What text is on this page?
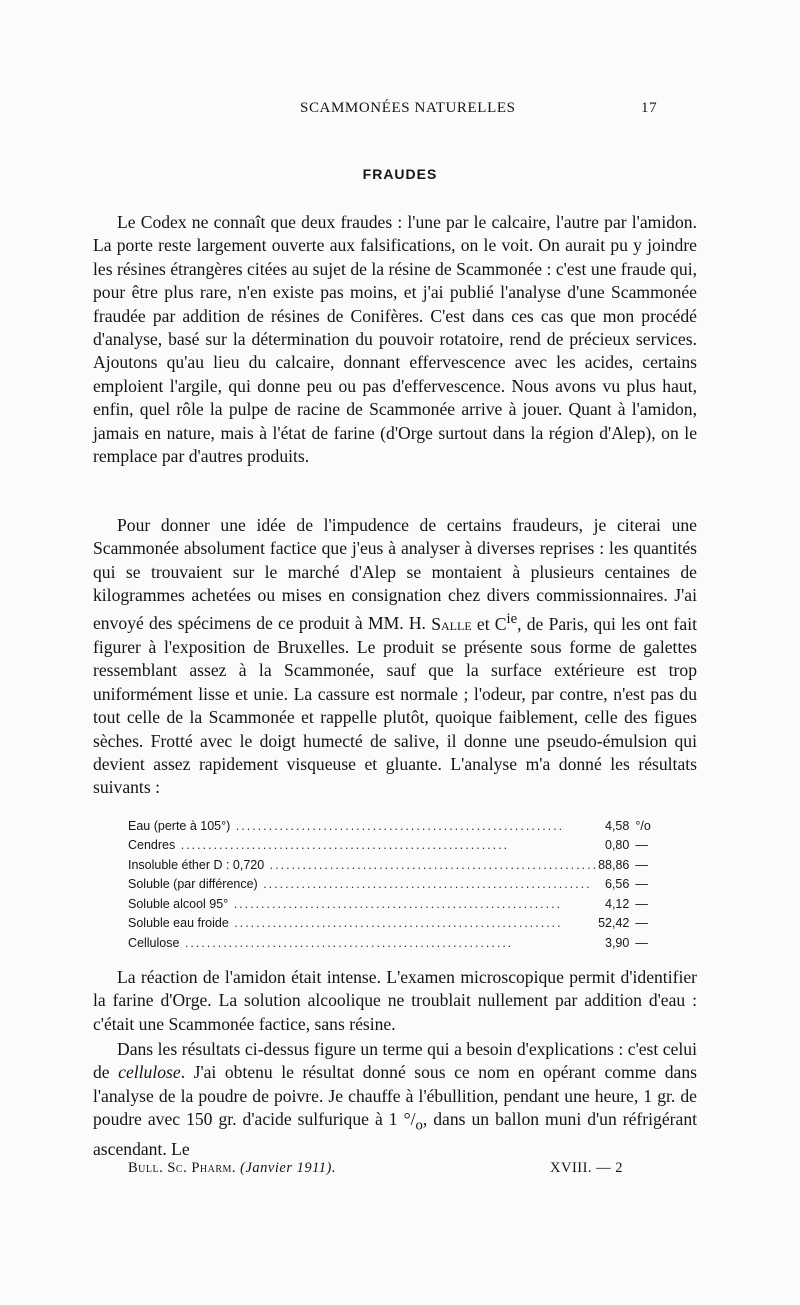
SCAMMONÉES NATURELLES	17
FRAUDES

Le Codex ne connaît que deux fraudes : l'une par le calcaire, l'autre par l'amidon. La porte reste largement ouverte aux falsifications, on le voit. On aurait pu y joindre les résines étrangères citées au sujet de la résine de Scammonée : c'est une fraude qui, pour être plus rare, n'en existe pas moins, et j'ai publié l'analyse d'une Scammonée fraudée par addition de résines de Conifères. C'est dans ces cas que mon procédé d'analyse, basé sur la détermination du pouvoir rotatoire, rend de précieux services. Ajoutons qu'au lieu du calcaire, donnant effervescence avec les acides, certains emploient l'argile, qui donne peu ou pas d'effervescence. Nous avons vu plus haut, enfin, quel rôle la pulpe de racine de Scammonée arrive à jouer. Quant à l'amidon, jamais en nature, mais à l'état de farine (d'Orge surtout dans la région d'Alep), on le remplace par d'autres produits.

Pour donner une idée de l'impudence de certains fraudeurs, je citerai une Scammonée absolument factice que j'eus à analyser à diverses reprises : les quantités qui se trouvaient sur le marché d'Alep se montaient à plusieurs centaines de kilogrammes achetées ou mises en consignation chez divers commissionnaires. J'ai envoyé des spécimens de ce produit à MM. H. Salle et $C^{ie}$, de Paris, qui les ont fait figurer à l'exposition de Bruxelles. Le produit se présente sous forme de galettes ressemblant assez à la Scammonée, sauf que la surface extérieure est trop uniformément lisse et unie. La cassure est normale ; l'odeur, par contre, n'est pas du tout celle de la Scammonée et rappelle plutôt, quoique faiblement, celle des figues sèches. Frotté avec le doigt humecté de salive, il donne une pseudo-émulsion qui devient assez rapidement visqueuse et gluante. L'analyse m'a donné les résultats suivants :

Eau (perte à 105°) ............................................................	4,58	°/o
Cendres ............................................................	0,80	—
Insoluble éther D : 0,720 ............................................................	88,86	—
Soluble (par différence) ............................................................	6,56	—
Soluble alcool 95° ............................................................	4,12	—
Soluble eau froide ............................................................	52,42	—
Cellulose ............................................................	3,90	—

La réaction de l'amidon était intense. L'examen microscopique permit d'identifier la farine d'Orge. La solution alcoolique ne troublait nullement par addition d'eau : c'était une Scammonée factice, sans résine.

Dans les résultats ci-dessus figure un terme qui a besoin d'explications : c'est celui de cellulose. J'ai obtenu le résultat donné sous ce nom en opérant comme dans l'analyse de la poudre de poivre. Je chauffe à l'ébullition, pendant une heure, 1 gr. de poudre avec 150 gr. d'acide sulfurique à 1 $^\circ/_o$, dans un ballon muni d'un réfrigérant ascendant. Le

Bull. Sc. Pharm. (Janvier 1911).	XVIII. — 2
